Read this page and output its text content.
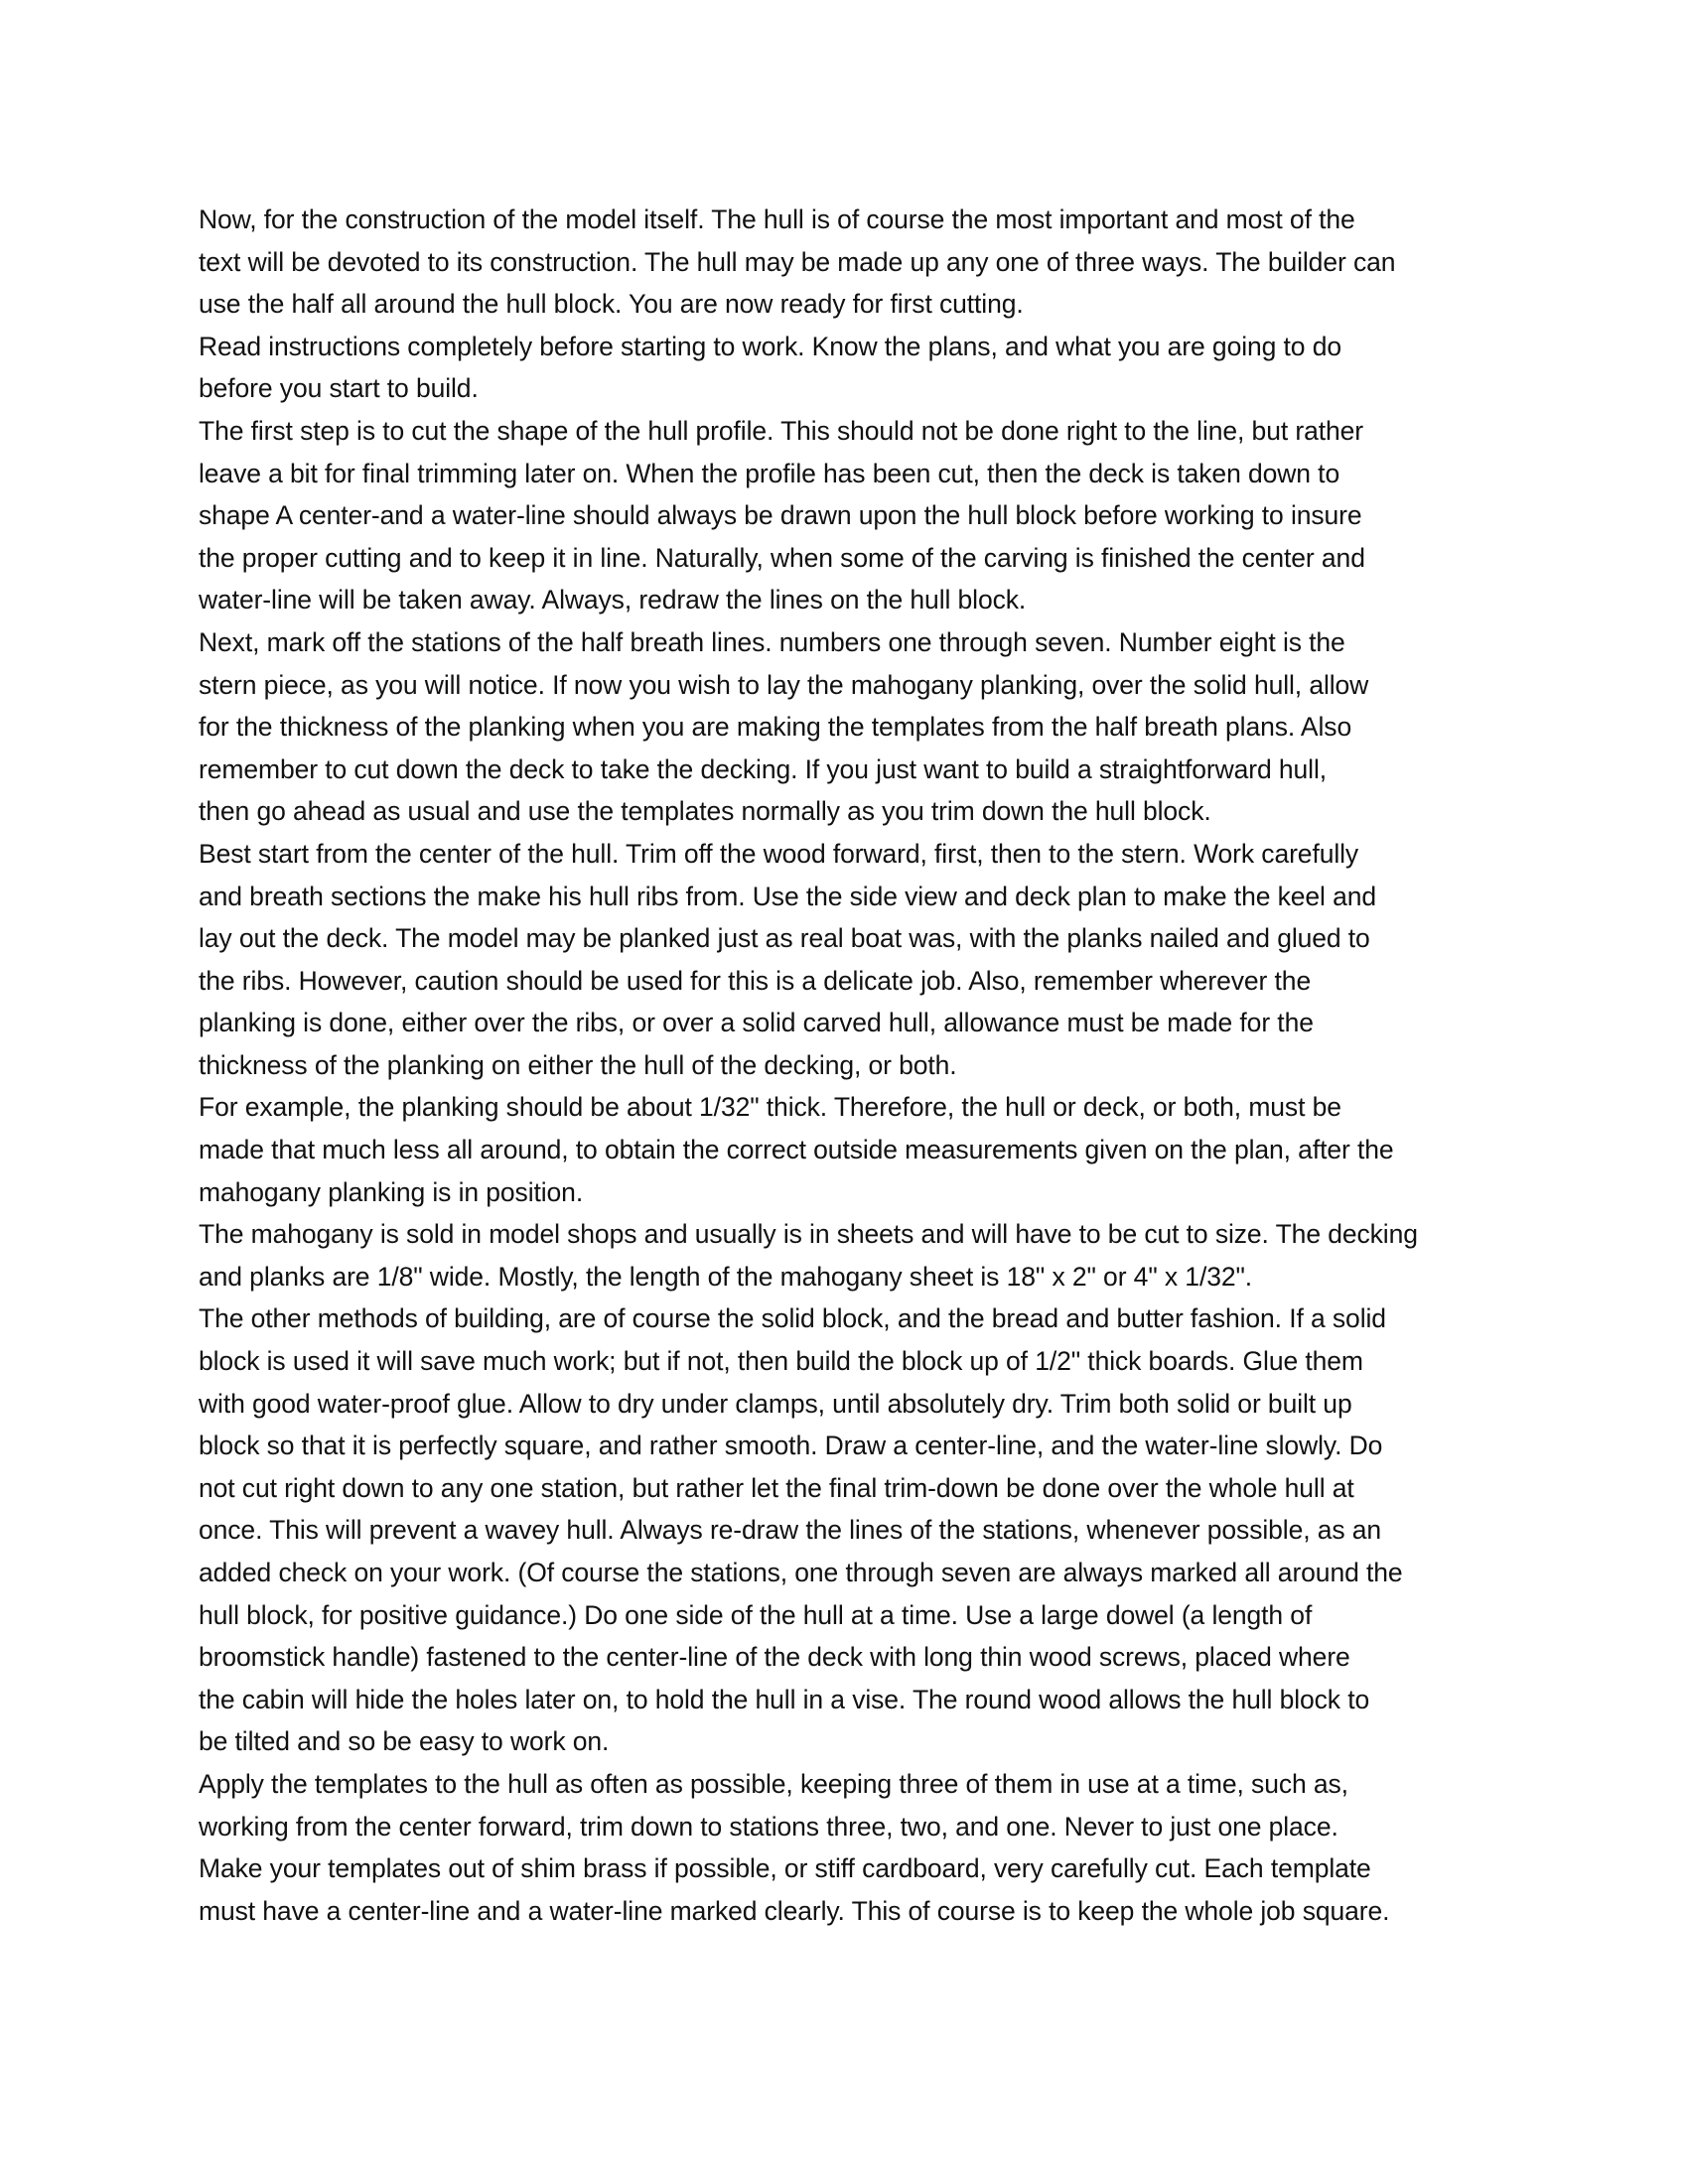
Now, for the construction of the model itself. The hull is of course the most important and most of the
text will be devoted to its construction. The hull may be made up any one of three ways. The builder can
use the half all around the hull block. You are now ready for first cutting.

Read instructions completely before starting to work. Know the plans, and what you are going to do
before you start to build.

The first step is to cut the shape of the hull profile. This should not be done right to the line, but rather
leave a bit for final trimming later on. When the profile has been cut, then the deck is taken down to
shape A center-and a water-line should always be drawn upon the hull block before working to insure
the proper cutting and to keep it in line. Naturally, when some of the carving is finished the center and
water-line will be taken away. Always, redraw the lines on the hull block.

Next, mark off the stations of the half breath lines. numbers one through seven. Number eight is the
stern piece, as you will notice. If now you wish to lay the mahogany planking, over the solid hull, allow
for the thickness of the planking when you are making the templates from the half breath plans. Also
remember to cut down the deck to take the decking. If you just want to build a straightforward hull,
then go ahead as usual and use the templates normally as you trim down the hull block.

Best start from the center of the hull. Trim off the wood forward, first, then to the stern. Work carefully
and breath sections the make his hull ribs from. Use the side view and deck plan to make the keel and
lay out the deck. The model may be planked just as real boat was, with the planks nailed and glued to
the ribs. However, caution should be used for this is a delicate job. Also, remember wherever the
planking is done, either over the ribs, or over a solid carved hull, allowance must be made for the
thickness of the planking on either the hull of the decking, or both.

For example, the planking should be about 1/32" thick. Therefore, the hull or deck, or both, must be
made that much less all around, to obtain the correct outside measurements given on the plan, after the
mahogany planking is in position.

The mahogany is sold in model shops and usually is in sheets and will have to be cut to size. The decking
and planks are 1/8" wide. Mostly, the length of the mahogany sheet is 18" x 2" or 4" x 1/32".

The other methods of building, are of course the solid block, and the bread and butter fashion. If a solid
block is used it will save much work; but if not, then build the block up of 1/2" thick boards. Glue them
with good water-proof glue. Allow to dry under clamps, until absolutely dry. Trim both solid or built up
block so that it is perfectly square, and rather smooth. Draw a center-line, and the water-line slowly. Do
not cut right down to any one station, but rather let the final trim-down be done over the whole hull at
once. This will prevent a wavey hull. Always re-draw the lines of the stations, whenever possible, as an
added check on your work. (Of course the stations, one through seven are always marked all around the
hull block, for positive guidance.) Do one side of the hull at a time. Use a large dowel (a length of
broomstick handle) fastened to the center-line of the deck with long thin wood screws, placed where
the cabin will hide the holes later on, to hold the hull in a vise. The round wood allows the hull block to
be tilted and so be easy to work on.

Apply the templates to the hull as often as possible, keeping three of them in use at a time, such as,
working from the center forward, trim down to stations three, two, and one. Never to just one place.
Make your templates out of shim brass if possible, or stiff cardboard, very carefully cut. Each template
must have a center-line and a water-line marked clearly. This of course is to keep the whole job square.
